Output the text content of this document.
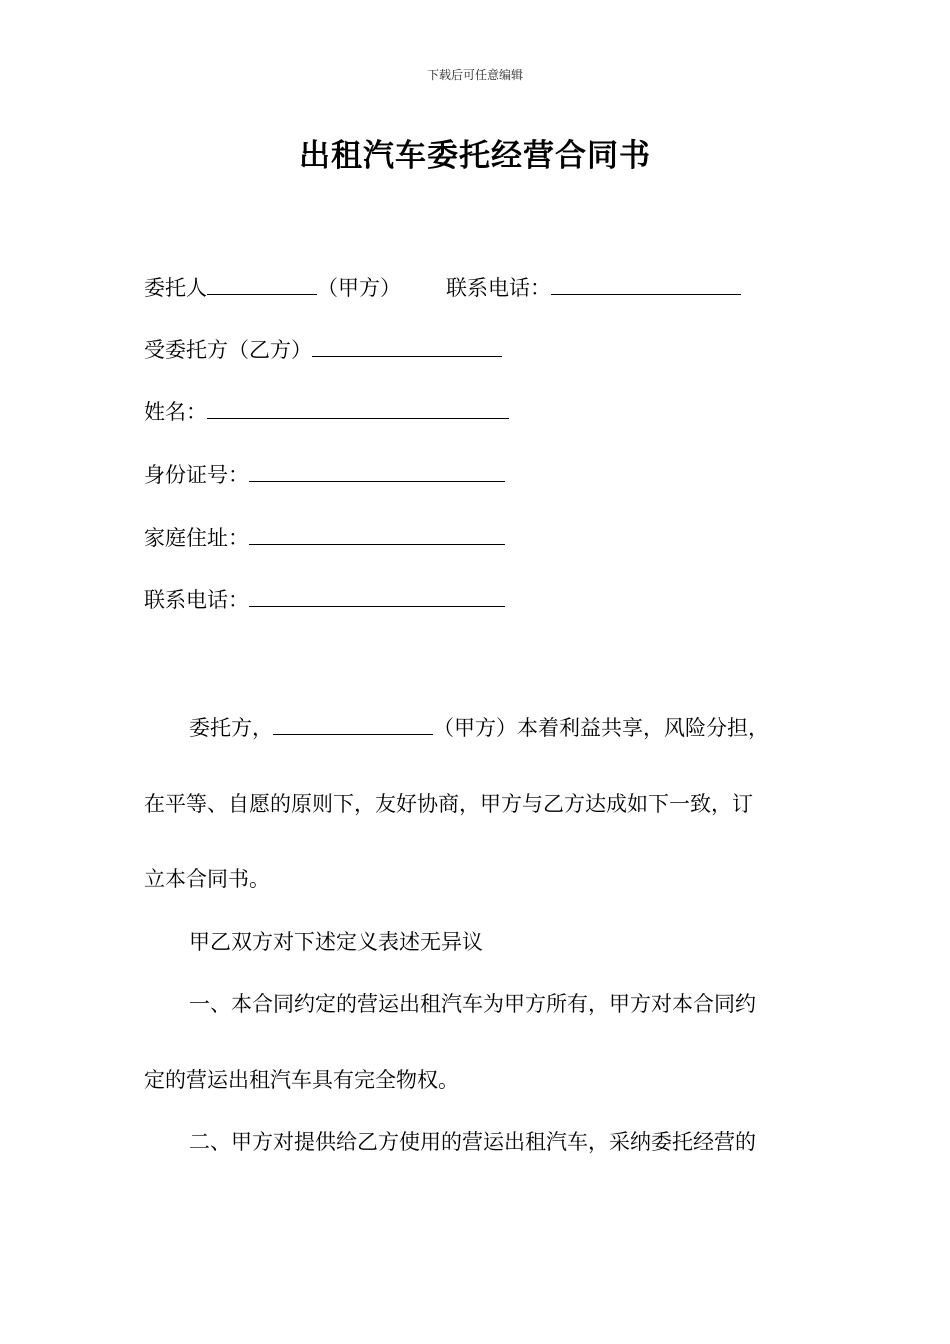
下载后可任意编辑
出租汽车委托经营合同书
委托人	（甲方） 联系电话：
受委托方（乙方）
姓名：
身份证号：
家庭住址：
联系电话：
委托方，	（甲方）本着利益共享，风险分担，
在平等、自愿的原则下，友好协商，甲方与乙方达成如下一致，订
立本合同书。
甲乙双方对下述定义表述无异议
一、本合同约定的营运出租汽车为甲方所有，甲方对本合同约
定的营运出租汽车具有完全物权。
二、甲方对提供给乙方使用的营运出租汽车，采纳委托经营的
